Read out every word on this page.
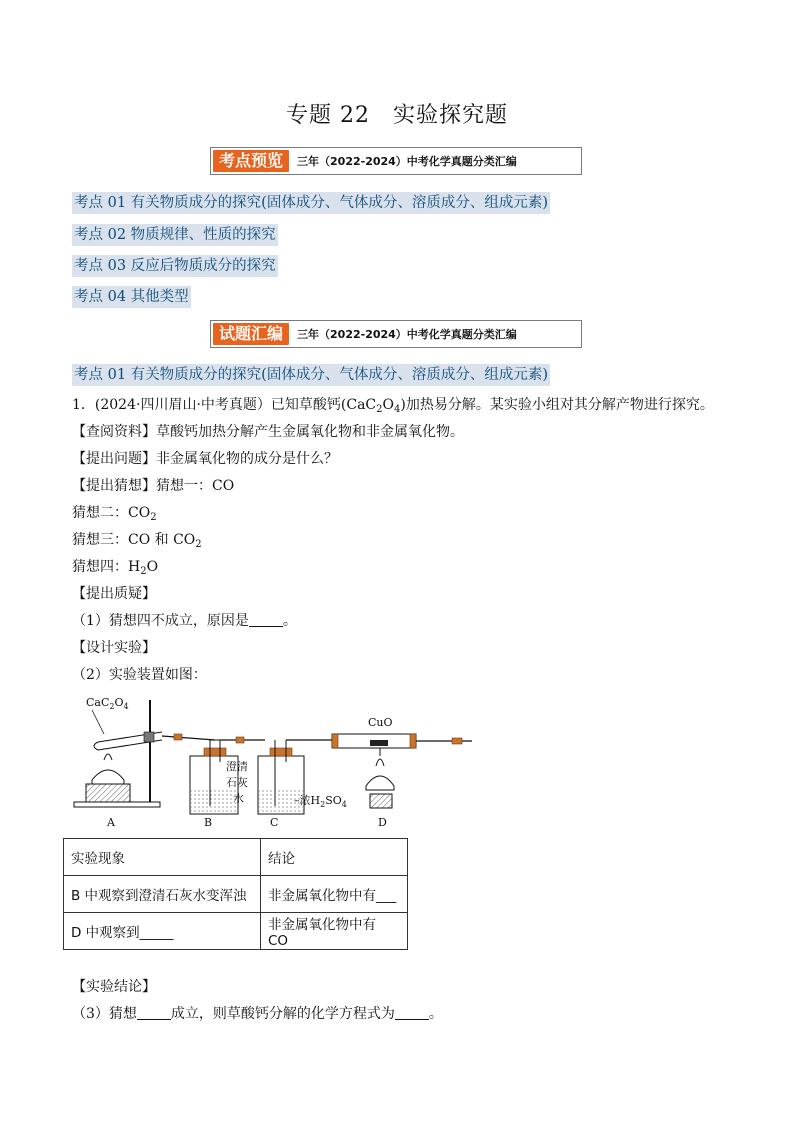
专题 22　实验探究题
考点预览	三年（2022-2024）中考化学真题分类汇编
考点 01 有关物质成分的探究(固体成分、气体成分、溶质成分、组成元素)
考点 02 物质规律、性质的探究
考点 03 反应后物质成分的探究
考点 04 其他类型
试题汇编	三年（2022-2024）中考化学真题分类汇编
考点 01 有关物质成分的探究(固体成分、气体成分、溶质成分、组成元素)
1．(2024·四川眉山·中考真题）已知草酸钙$(CaC_2O_4)$加热易分解。某实验小组对其分解产物进行探究。
【查阅资料】草酸钙加热分解产生金属氧化物和非金属氧化物。
【提出问题】非金属氧化物的成分是什么？
【提出猜想】猜想一：CO
猜想二：$CO_2$
猜想三：CO 和 $CO_2$
猜想四：$H_2O$
【提出质疑】
（1）猜想四不成立，原因是 。
【设计实验】
（2）实验装置如图：
$CaC_2O_4$
A
澄清
石灰
水
B
–浓$H_2SO_4$
C
CuO
D
实验现象	结论
B 中观察到澄清石灰水变浑浊	非金属氧化物中有___
D 中观察到_____	非金属氧化物中有 CO
【实验结论】
（3）猜想 成立，则草酸钙分解的化学方程式为 。
